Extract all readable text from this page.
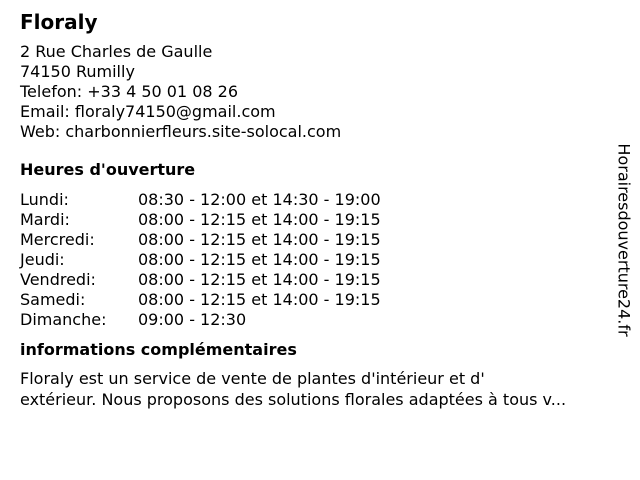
Floraly
2 Rue Charles de Gaulle
74150 Rumilly
Telefon: +33 4 50 01 08 26
Email: floraly74150@gmail.com
Web: charbonnierfleurs.site-solocal.com
Heures d'ouverture
Lundi:	08:30 - 12:00 et 14:30 - 19:00
Mardi:	08:00 - 12:15 et 14:00 - 19:15
Mercredi:	08:00 - 12:15 et 14:00 - 19:15
Jeudi:	08:00 - 12:15 et 14:00 - 19:15
Vendredi:	08:00 - 12:15 et 14:00 - 19:15
Samedi:	08:00 - 12:15 et 14:00 - 19:15
Dimanche:	09:00 - 12:30
informations complémentaires
Floraly est un service de vente de plantes d'intérieur et d'
extérieur. Nous proposons des solutions florales adaptées à tous v...
Horairesdouverture24.fr
